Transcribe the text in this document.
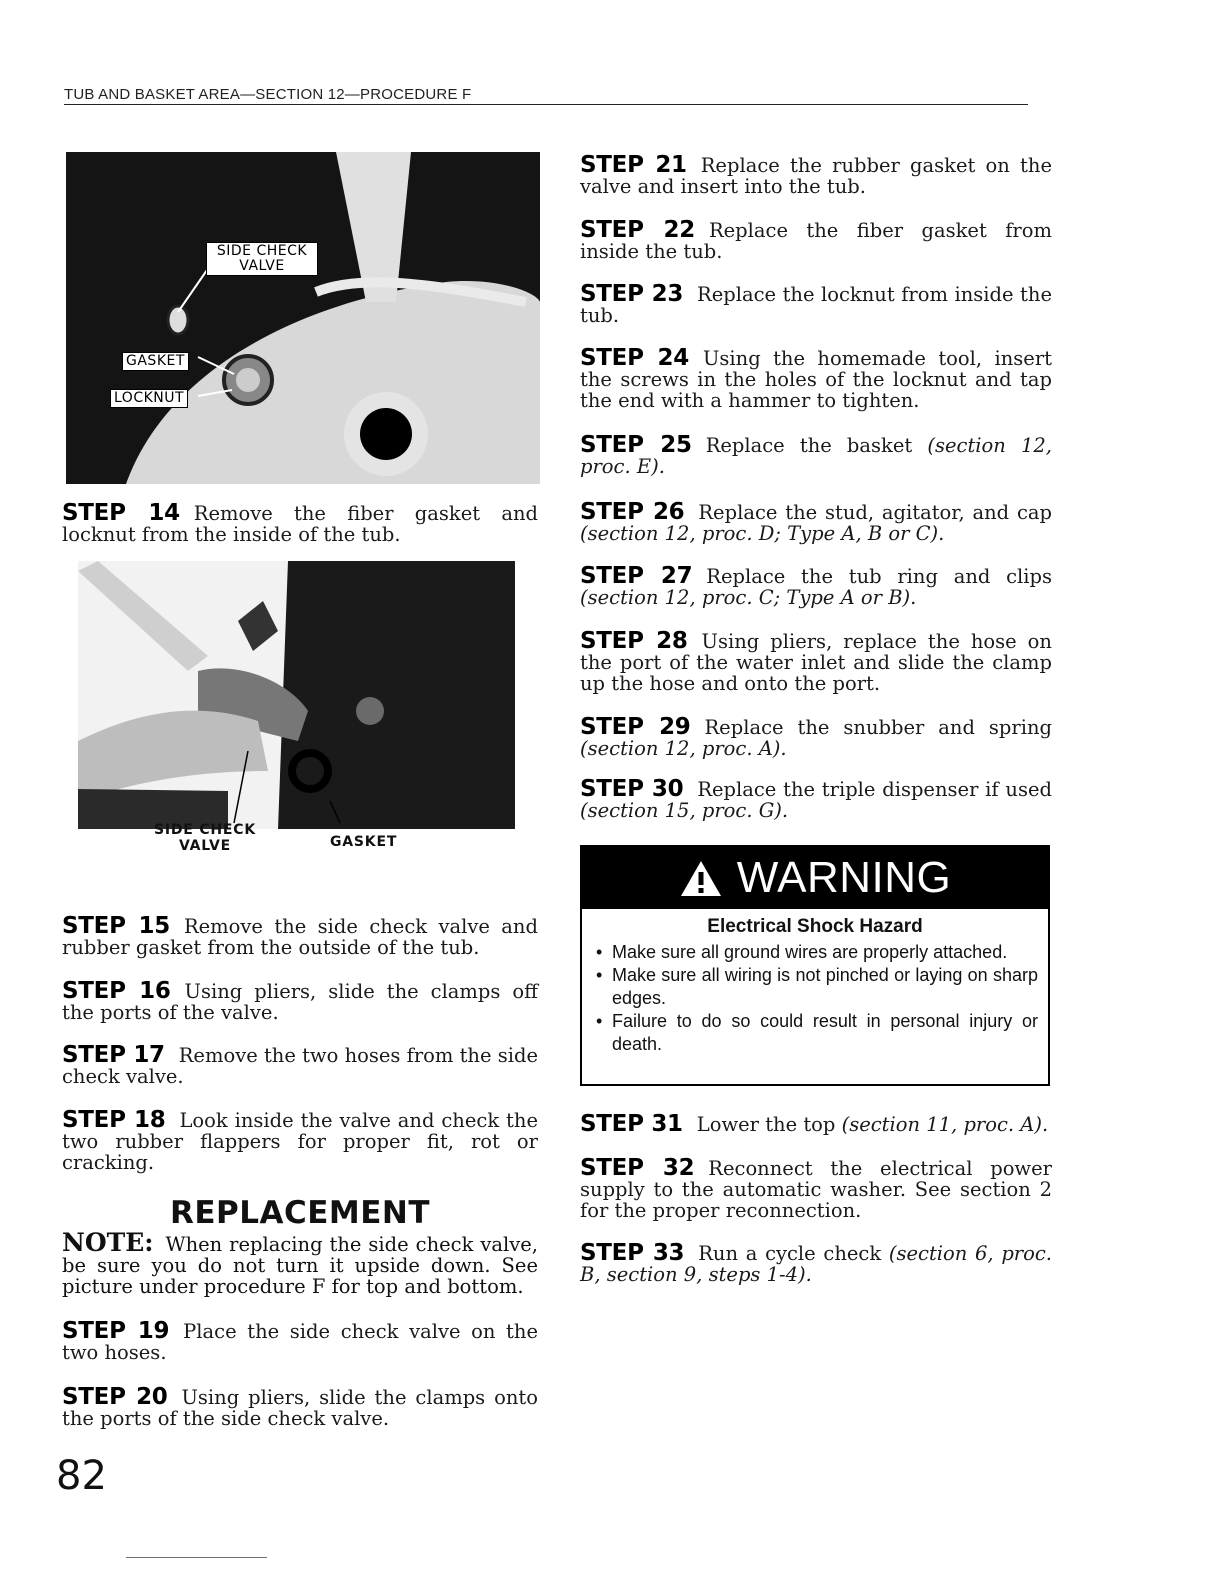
TUB AND BASKET AREA—SECTION 12—PROCEDURE F
SIDE CHECK
VALVE
GASKET
LOCKNUT
STEP 14 Remove the fiber gasket and locknut from the inside of the tub.
SIDE CHECK
VALVE	GASKET
STEP 15 Remove the side check valve and rubber gasket from the outside of the tub.
STEP 16 Using pliers, slide the clamps off the ports of the valve.
STEP 17 Remove the two hoses from the side check valve.
STEP 18 Look inside the valve and check the two rubber flappers for proper fit, rot or cracking.
REPLACEMENT
NOTE: When replacing the side check valve, be sure you do not turn it upside down. See picture under procedure F for top and bottom.
STEP 19 Place the side check valve on the two hoses.
STEP 20 Using pliers, slide the clamps onto the ports of the side check valve.
STEP 21 Replace the rubber gasket on the valve and insert into the tub.
STEP 22 Replace the fiber gasket from inside the tub.
STEP 23 Replace the locknut from inside the tub.
STEP 24 Using the homemade tool, insert the screws in the holes of the locknut and tap the end with a hammer to tighten.
STEP 25 Replace the basket (section 12, proc. E).
STEP 26 Replace the stud, agitator, and cap (section 12, proc. D; Type A, B or C).
STEP 27 Replace the tub ring and clips (section 12, proc. C; Type A or B).
STEP 28 Using pliers, replace the hose on the port of the water inlet and slide the clamp up the hose and onto the port.
STEP 29 Replace the snubber and spring (section 12, proc. A).
STEP 30 Replace the triple dispenser if used (section 15, proc. G).
WARNING
Electrical Shock Hazard
• Make sure all ground wires are properly attached.
• Make sure all wiring is not pinched or laying on sharp edges.
• Failure to do so could result in personal injury or death.
STEP 31 Lower the top (section 11, proc. A).
STEP 32 Reconnect the electrical power supply to the automatic washer. See section 2 for the proper reconnection.
STEP 33 Run a cycle check (section 6, proc. B, section 9, steps 1-4).
82
